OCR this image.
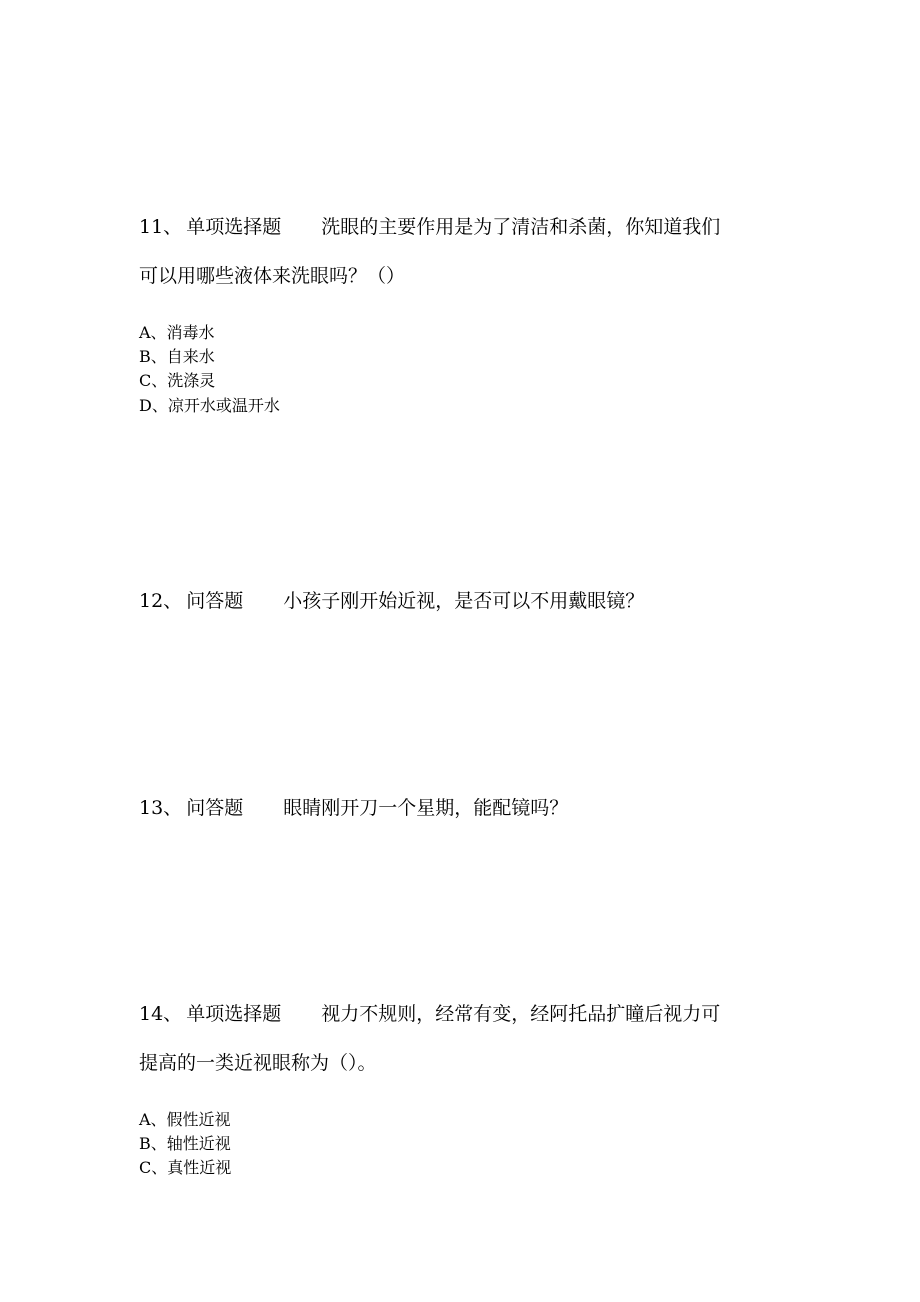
11、 单项选择题 洗眼的主要作用是为了清洁和杀菌，你知道我们
可以用哪些液体来洗眼吗？（）
A、消毒水
B、自来水
C、洗涤灵
D、凉开水或温开水
12、 问答题 小孩子刚开始近视，是否可以不用戴眼镜？
13、 问答题 眼睛刚开刀一个星期，能配镜吗？
14、 单项选择题 视力不规则，经常有变，经阿托品扩瞳后视力可
提高的一类近视眼称为（）。
A、假性近视
B、轴性近视
C、真性近视
